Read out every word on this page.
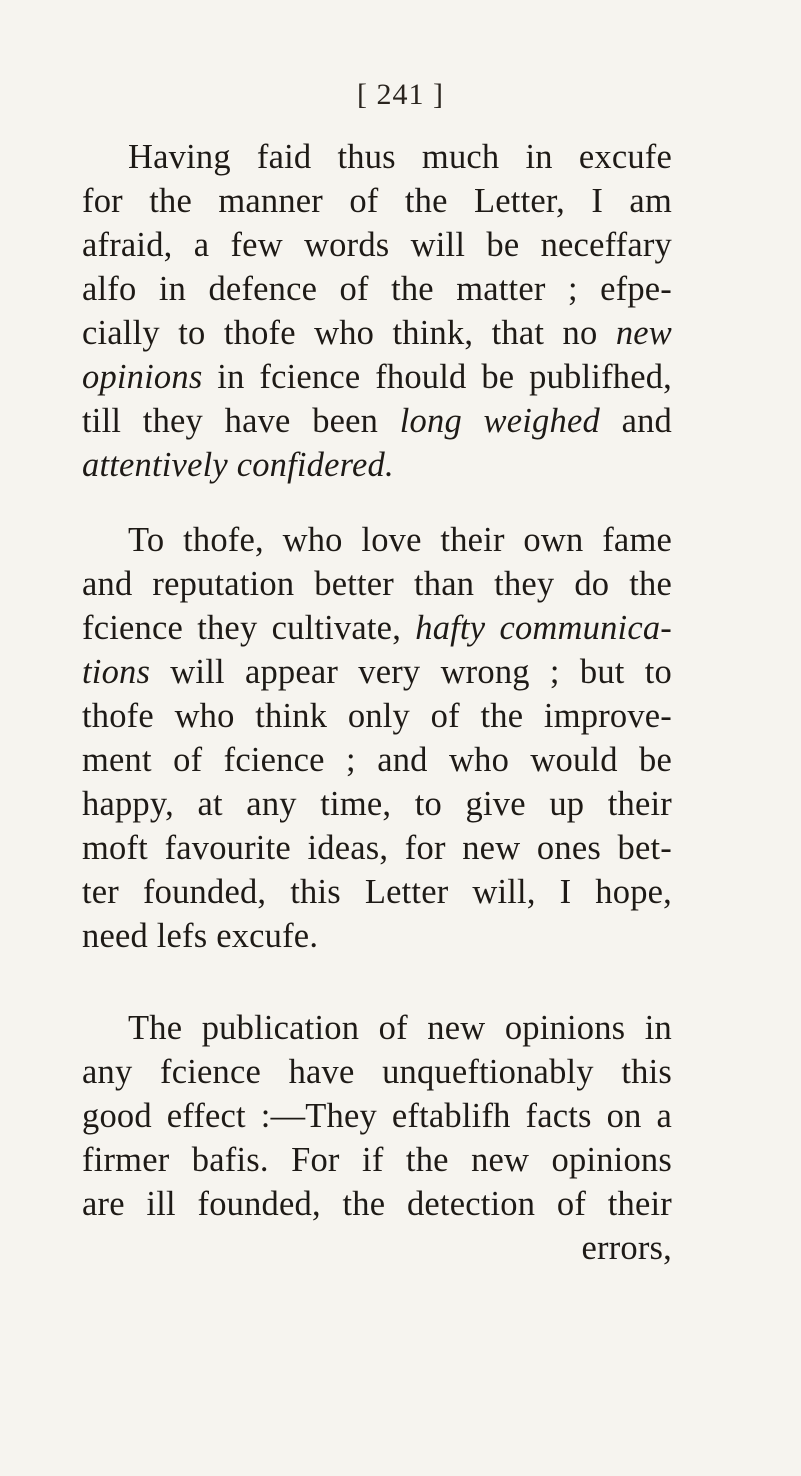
[ 241 ]
Having faid thus much in excufe
for the manner of the Letter, I am
afraid, a few words will be neceffary
alfo in defence of the matter ; efpe-
cially to thofe who think, that no new
opinions in fcience fhould be publifhed,
till they have been long weighed and
attentively confidered.
To thofe, who love their own fame
and reputation better than they do the
fcience they cultivate, hafty communica-
tions will appear very wrong ; but to
thofe who think only of the improve-
ment of fcience ; and who would be
happy, at any time, to give up their
moft favourite ideas, for new ones bet-
ter founded, this Letter will, I hope,
need lefs excufe.
The publication of new opinions in
any fcience have unqueftionably this
good effect :—They eftablifh facts on a
firmer bafis. For if the new opinions
are ill founded, the detection of their
errors,
